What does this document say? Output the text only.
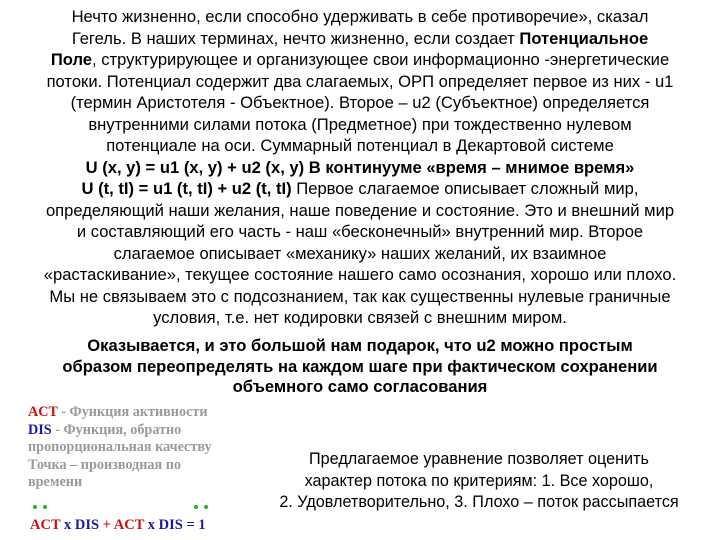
Нечто жизненно, если способно удерживать в себе противоречие», сказал
Гегель. В наших терминах, нечто жизненно, если создает Потенциальное
Поле, структурирующее и организующее свои информационно -энергетические
потоки. Потенциал содержит два слагаемых, ОРП определяет первое из них - u1
(термин Аристотеля - Объектное). Второе – u2 (Субъектное) определяется
внутренними силами потока (Предметное) при тождественно нулевом
потенциале на оси. Суммарный потенциал в Декартовой системе
U (x, y) = u1 (x, y) + u2 (x, y) В континууме «время – мнимое время»
U (t, tI) = u1 (t, tI) + u2 (t, tI) Первое слагаемое описывает сложный мир,
определяющий наши желания, наше поведение и состояние. Это и внешний мир
и составляющий его часть - наш «бесконечный» внутренний мир. Второе
слагаемое описывает «механику» наших желаний, их взаимное
«растаскивание», текущее состояние нашего само осознания, хорошо или плохо.
Мы не связываем это с подсознанием, так как существенны нулевые граничные
условия, т.е. нет кодировки связей с внешним миром.
Оказывается, и это большой нам подарок, что u2 можно простым
образом переопределять на каждом шаге при фактическом сохранении
объемного само согласования
ACT - Функция активности
DIS - Функция, обратно
пропорциональная качеству
Точка – производная по
времени
ACT x DIS + ACT x DIS = 1
Предлагаемое уравнение позволяет оценить
характер потока по критериям: 1. Все хорошо,
2. Удовлетворительно, 3. Плохо – поток рассыпается
